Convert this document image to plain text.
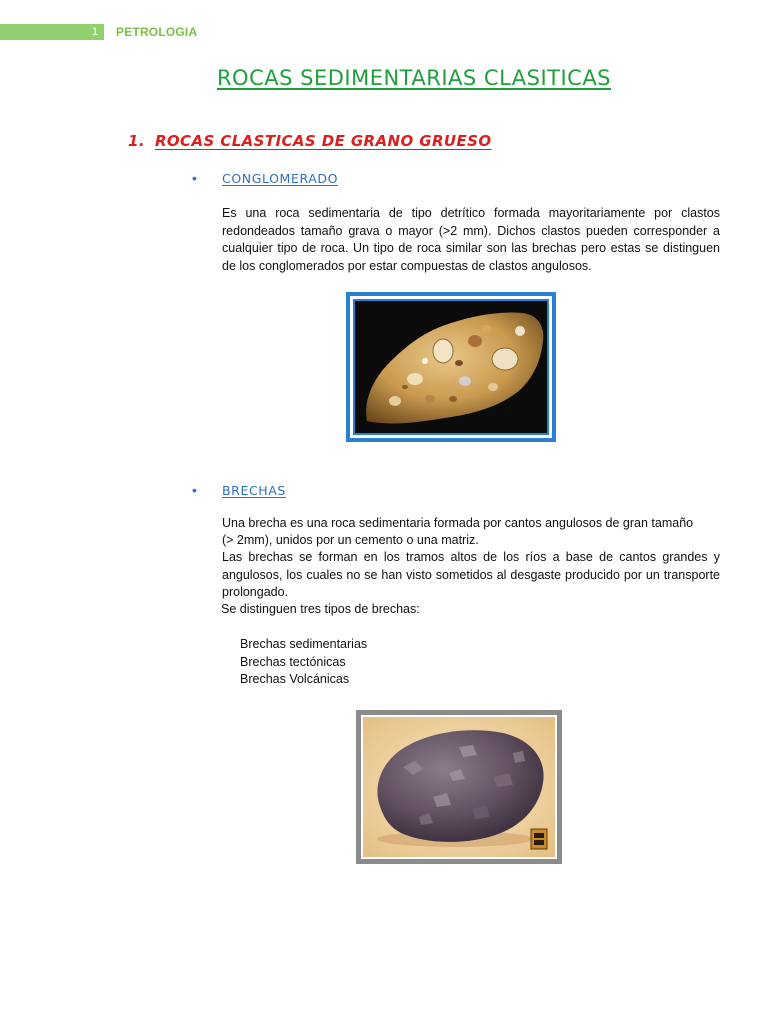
1	PETROLOGIA
ROCAS SEDIMENTARIAS CLASITICAS
1. ROCAS CLASTICAS DE GRANO GRUESO
• CONGLOMERADO
Es una roca sedimentaria de tipo detrítico formada mayoritariamente por clastos redondeados tamaño grava o mayor (>2 mm). Dichos clastos pueden corresponder a cualquier tipo de roca. Un tipo de roca similar son las brechas pero estas se distinguen de los conglomerados por estar compuestas de clastos angulosos.
• BRECHAS
Una brecha es una roca sedimentaria formada por cantos angulosos de gran tamaño
(> 2mm), unidos por un cemento o una matriz.
Las brechas se forman en los tramos altos de los ríos a base de cantos grandes y angulosos, los cuales no se han visto sometidos al desgaste producido por un transporte prolongado.
Se distinguen tres tipos de brechas:
Brechas sedimentarias
Brechas tectónicas
Brechas Volcánicas
